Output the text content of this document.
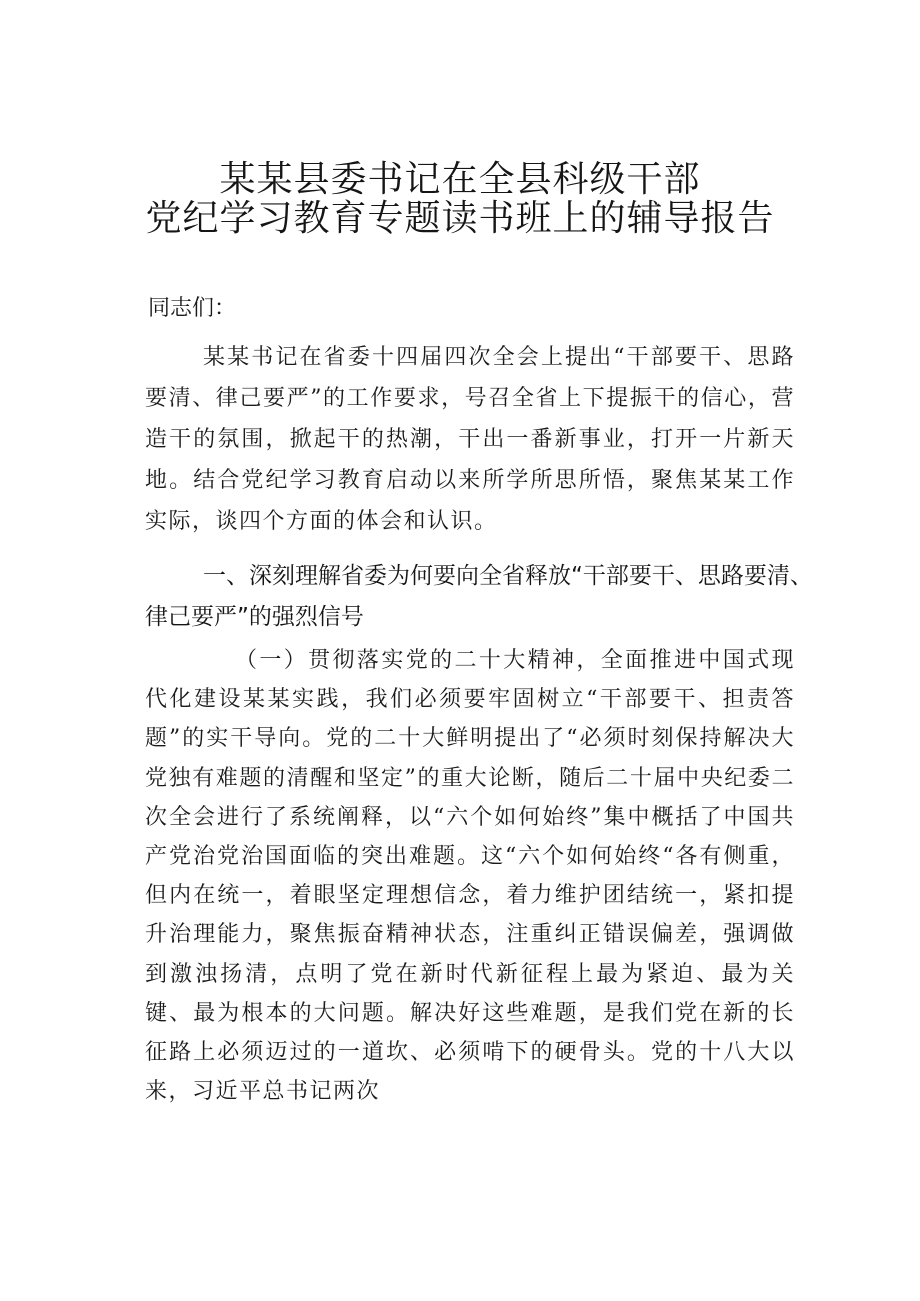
某某县委书记在全县科级干部
党纪学习教育专题读书班上的辅导报告
同志们：
某某书记在省委十四届四次全会上提出“干部要干、思路要清、律己要严”的工作要求，号召全省上下提振干的信心，营造干的氛围，掀起干的热潮，干出一番新事业，打开一片新天地。结合党纪学习教育启动以来所学所思所悟，聚焦某某工作实际，谈四个方面的体会和认识。
一、深刻理解省委为何要向全省释放“干部要干、思路要清、律己要严”的强烈信号
（一）贯彻落实党的二十大精神，全面推进中国式现代化建设某某实践，我们必须要牢固树立“干部要干、担责答题”的实干导向。党的二十大鲜明提出了“必须时刻保持解决大党独有难题的清醒和坚定”的重大论断，随后二十届中央纪委二次全会进行了系统阐释，以“六个如何始终”集中概括了中国共产党治党治国面临的突出难题。这“六个如何始终“各有侧重，但内在统一，着眼坚定理想信念，着力维护团结统一，紧扣提升治理能力，聚焦振奋精神状态，注重纠正错误偏差，强调做到激浊扬清，点明了党在新时代新征程上最为紧迫、最为关键、最为根本的大问题。解决好这些难题，是我们党在新的长征路上必须迈过的一道坎、必须啃下的硬骨头。党的十八大以来，习近平总书记两次
